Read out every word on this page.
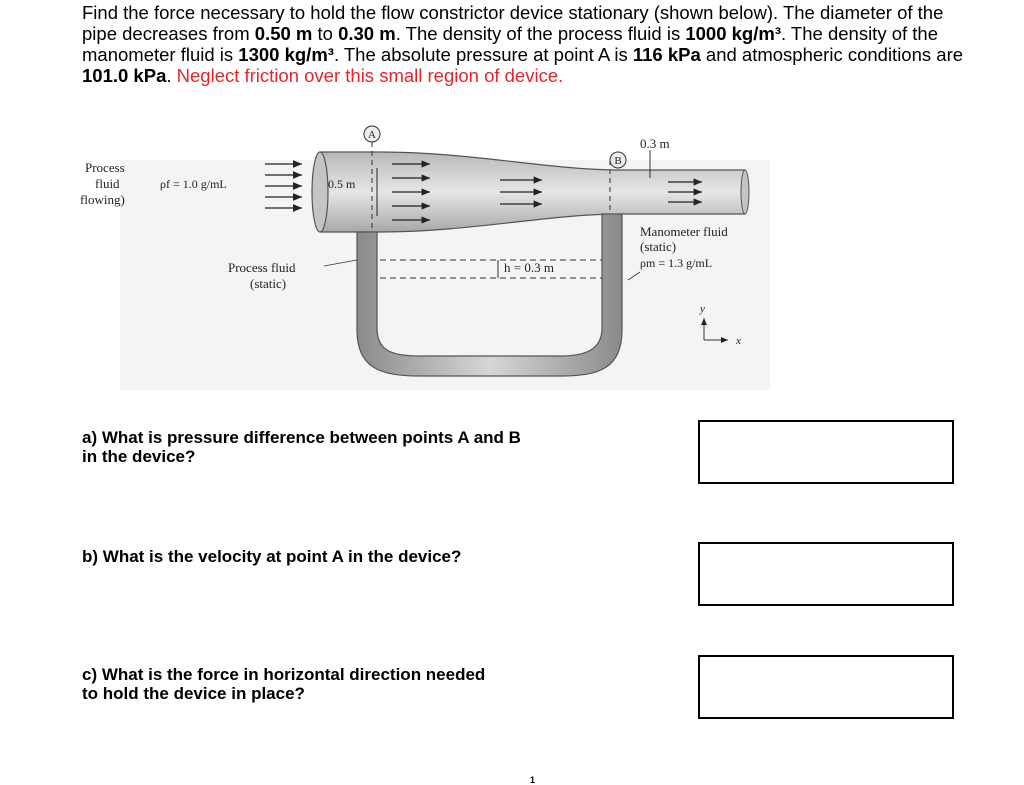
Find the force necessary to hold the flow constrictor device stationary (shown below). The diameter of the pipe decreases from 0.50 m to 0.30 m. The density of the process fluid is 1000 kg/m³. The density of the manometer fluid is 1300 kg/m³. The absolute pressure at point A is 116 kPa and atmospheric conditions are 101.0 kPa. Neglect friction over this small region of device.

A
B
0.3 m
0.5 m
Process
fluid
flowing)
ρf = 1.0 g/mL
Process fluid
(static)
h = 0.3 m
Manometer fluid
(static)
ρm = 1.3 g/mL
y
x

a) What is pressure difference between points A and B
in the device?

b) What is the velocity at point A in the device?

c) What is the force in horizontal direction needed
to hold the device in place?

1
